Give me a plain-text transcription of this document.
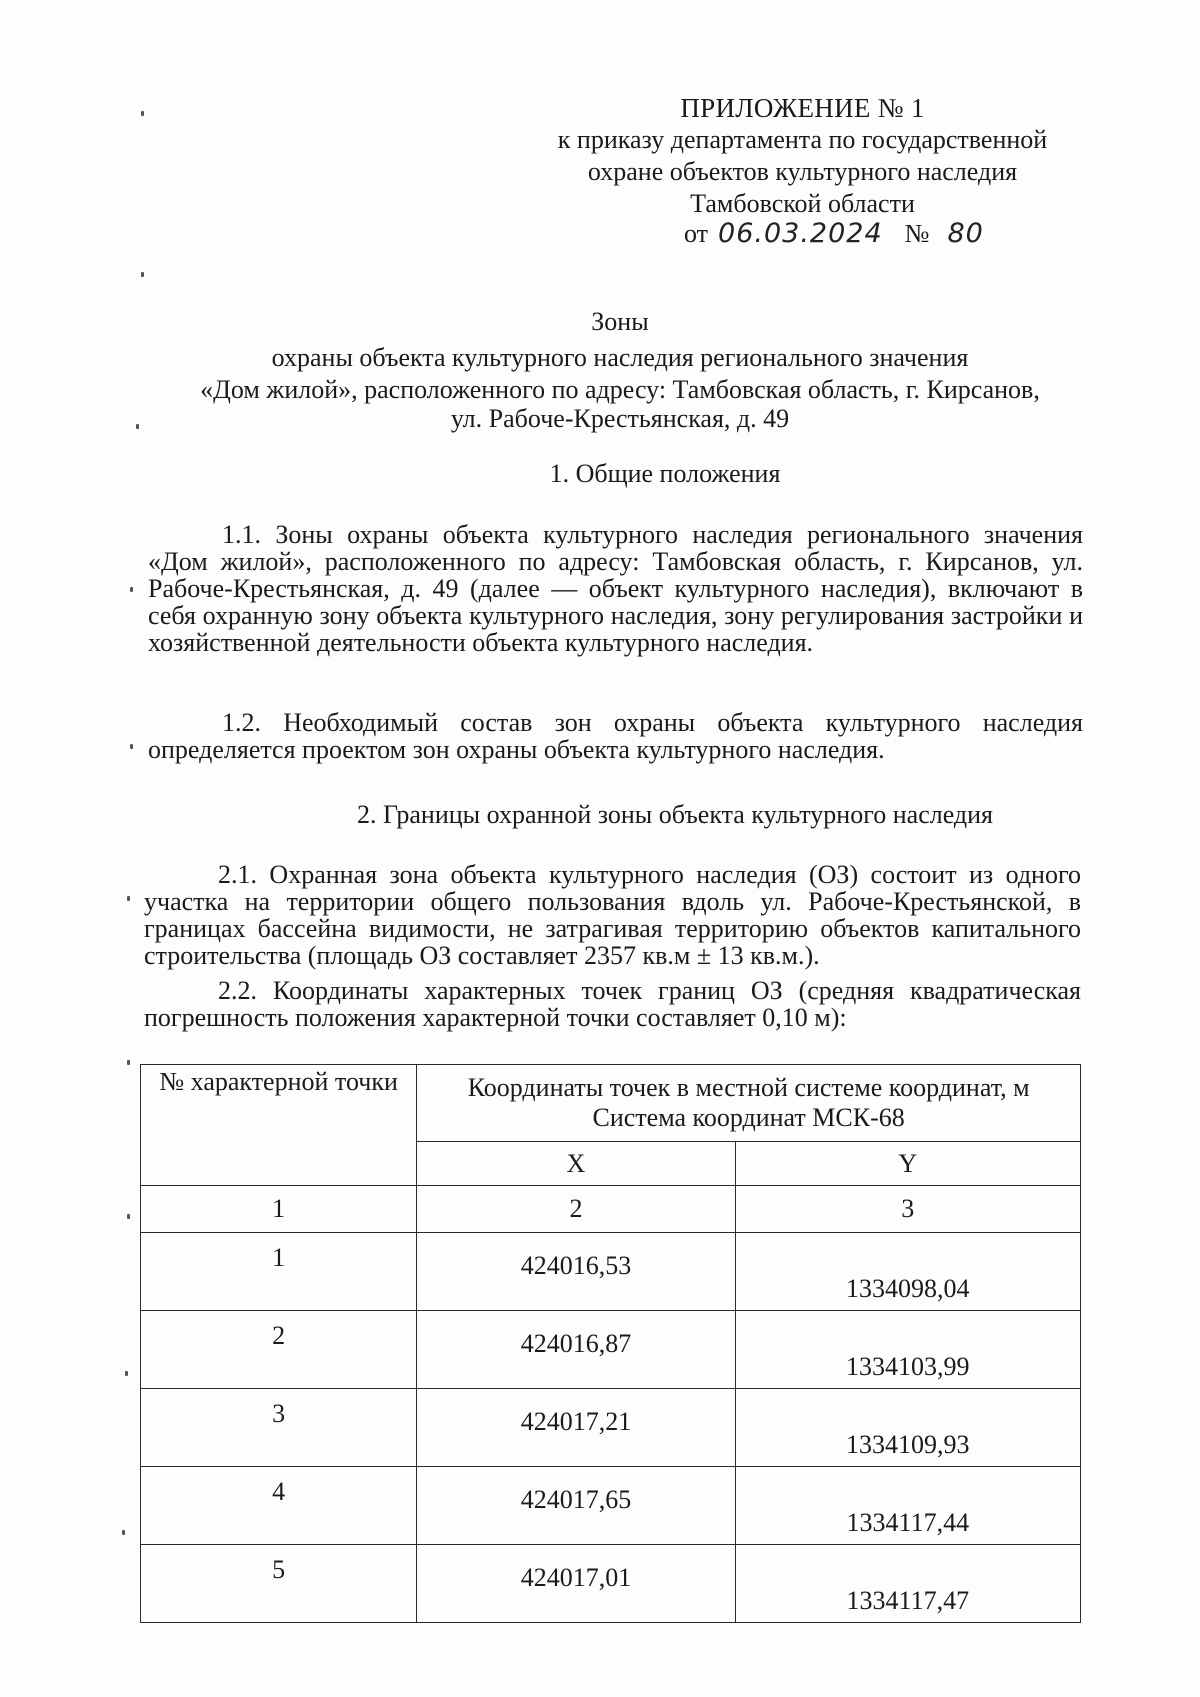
ПРИЛОЖЕНИЕ № 1
к приказу департамента по государственной
охране объектов культурного наследия
Тамбовской области
от 06.03.2024 № 80
Зоны
охраны объекта культурного наследия регионального значения
«Дом жилой», расположенного по адресу: Тамбовская область, г. Кирсанов,
ул. Рабоче-Крестьянская, д. 49
1. Общие положения
1.1. Зоны охраны объекта культурного наследия регионального значения «Дом жилой», расположенного по адресу: Тамбовская область, г. Кирсанов, ул. Рабоче-Крестьянская, д. 49 (далее — объект культурного наследия), включают в себя охранную зону объекта культурного наследия, зону регулирования застройки и хозяйственной деятельности объекта культурного наследия.
1.2. Необходимый состав зон охраны объекта культурного наследия определяется проектом зон охраны объекта культурного наследия.
2. Границы охранной зоны объекта культурного наследия
2.1. Охранная зона объекта культурного наследия (ОЗ) состоит из одного участка на территории общего пользования вдоль ул. Рабоче-Крестьянской, в границах бассейна видимости, не затрагивая территорию объектов капитального строительства (площадь ОЗ составляет 2357 кв.м ± 13 кв.м.).
2.2. Координаты характерных точек границ ОЗ (средняя квадратическая погрешность положения характерной точки составляет 0,10 м):
№ характерной точки	Координаты точек в местной системе координат, м
Система координат МСК-68	

	X	Y
1	2	3
1	424016,53	1334098,04
2	424016,87	1334103,99
3	424017,21	1334109,93
4	424017,65	1334117,44
5	424017,01	1334117,47
